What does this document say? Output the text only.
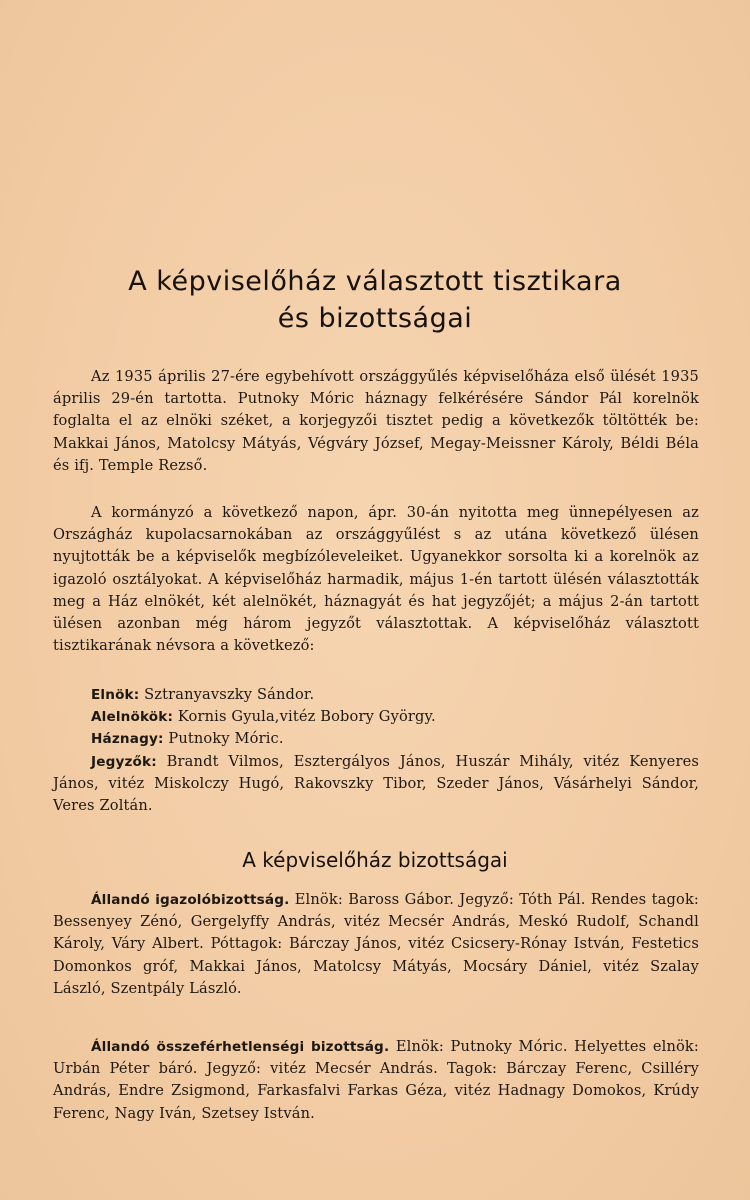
A képviselőház választott tisztikara
és bizottságai

Az 1935 április 27-ére egybehívott országgyűlés képviselőháza első ülését 1935 április 29-én tartotta. Putnoky Móric háznagy felkérésére Sándor Pál korelnök foglalta el az elnöki széket, a korjegyzői tisztet pedig a következők töltötték be: Makkai János, Matolcsy Mátyás, Végváry József, Megay-Meissner Károly, Béldi Béla és ifj. Temple Rezső.

A kormányzó a következő napon, ápr. 30-án nyitotta meg ünnepélyesen az Országház kupolacsarnokában az országgyűlést s az utána következő ülésen nyujtották be a képviselők megbízóleveleiket. Ugyanekkor sorsolta ki a korelnök az igazoló osztályokat. A képviselőház harmadik, május 1-én tartott ülésén választották meg a Ház elnökét, két alelnökét, háznagyát és hat jegyzőjét; a május 2-án tartott ülésen azonban még három jegyzőt választottak. A képviselőház választott tisztikarának névsora a következő:

Elnök: Sztranyavszky Sándor.
Alelnökök: Kornis Gyula,vitéz Bobory György.
Háznagy: Putnoky Móric.
Jegyzők: Brandt Vilmos, Esztergályos János, Huszár Mihály, vitéz Kenyeres János, vitéz Miskolczy Hugó, Rakovszky Tibor, Szeder János, Vásárhelyi Sándor, Veres Zoltán.
A képviselőház bizottságai

Állandó igazolóbizottság. Elnök: Baross Gábor. Jegyző: Tóth Pál. Rendes tagok: Bessenyey Zénó, Gergelyffy András, vitéz Mecsér András, Meskó Rudolf, Schandl Károly, Váry Albert. Póttagok: Bárczay János, vitéz Csicsery-Rónay István, Festetics Domonkos gróf, Makkai János, Matolcsy Mátyás, Mocsáry Dániel, vitéz Szalay László, Szentpály László.

Állandó összeférhetlenségi bizottság. Elnök: Putnoky Móric. Helyettes elnök: Urbán Péter báró. Jegyző: vitéz Mecsér András. Tagok: Bárczay Ferenc, Csilléry András, Endre Zsigmond, Farkasfalvi Farkas Géza, vitéz Hadnagy Domokos, Krúdy Ferenc, Nagy Iván, Szetsey István.
